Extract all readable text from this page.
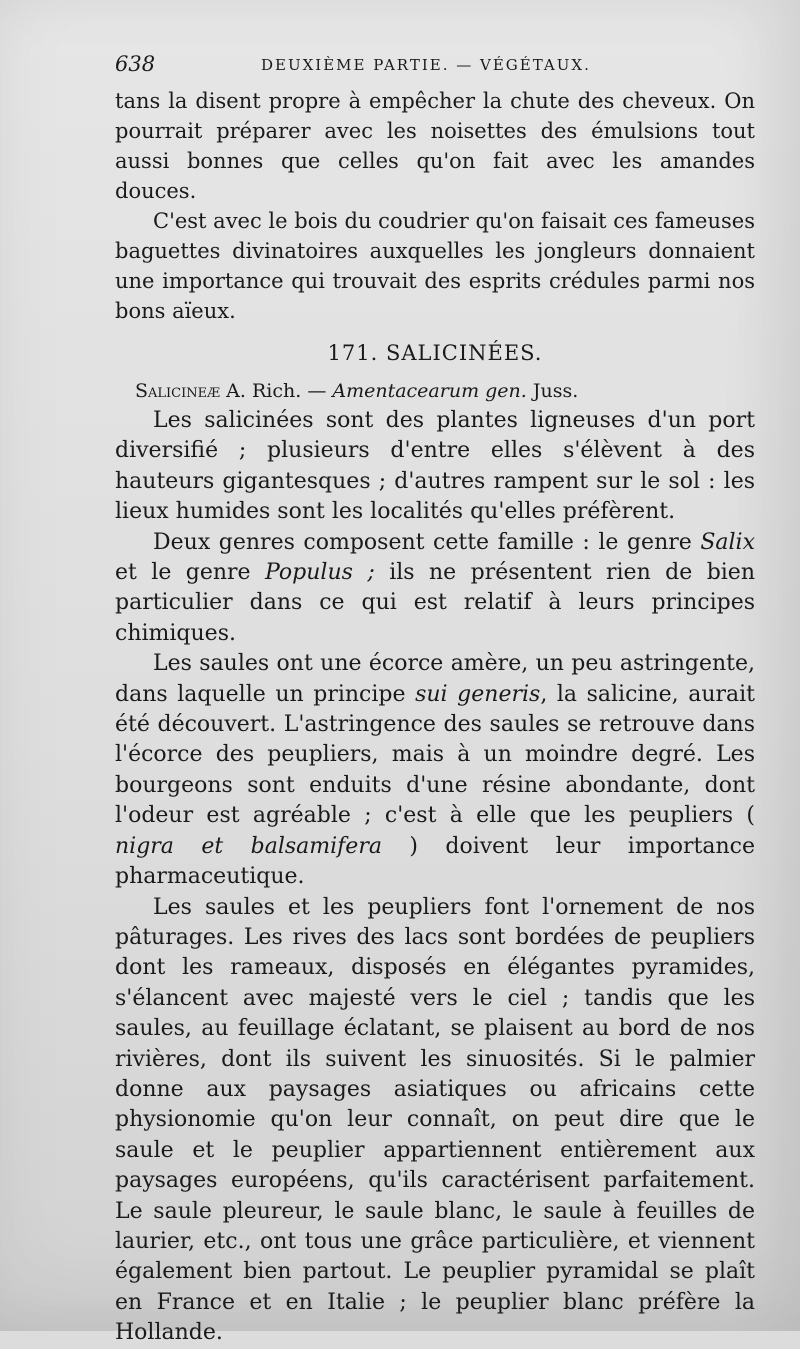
638	DEUXIÈME PARTIE. — VÉGÉTAUX.

tans la disent propre à empêcher la chute des cheveux. On pourrait préparer avec les noisettes des émulsions tout aussi bonnes que celles qu'on fait avec les amandes douces.

C'est avec le bois du coudrier qu'on faisait ces fameuses baguettes divinatoires auxquelles les jongleurs donnaient une importance qui trouvait des esprits crédules parmi nos bons aïeux.

171. SALICINÉES.

Salicineæ A. Rich. — Amentacearum gen. Juss.

Les salicinées sont des plantes ligneuses d'un port diversifié ; plusieurs d'entre elles s'élèvent à des hauteurs gigantesques ; d'autres rampent sur le sol : les lieux humides sont les localités qu'elles préfèrent.

Deux genres composent cette famille : le genre Salix et le genre Populus ; ils ne présentent rien de bien particulier dans ce qui est relatif à leurs principes chimiques.

Les saules ont une écorce amère, un peu astringente, dans laquelle un principe sui generis, la salicine, aurait été découvert. L'astringence des saules se retrouve dans l'écorce des peupliers, mais à un moindre degré. Les bourgeons sont enduits d'une résine abondante, dont l'odeur est agréable ; c'est à elle que les peupliers ( nigra et balsamifera ) doivent leur importance pharmaceutique.

Les saules et les peupliers font l'ornement de nos pâturages. Les rives des lacs sont bordées de peupliers dont les rameaux, disposés en élégantes pyramides, s'élancent avec majesté vers le ciel ; tandis que les saules, au feuillage éclatant, se plaisent au bord de nos rivières, dont ils suivent les sinuosités. Si le palmier donne aux paysages asiatiques ou africains cette physionomie qu'on leur connaît, on peut dire que le saule et le peuplier appartiennent entièrement aux paysages européens, qu'ils caractérisent parfaitement. Le saule pleureur, le saule blanc, le saule à feuilles de laurier, etc., ont tous une grâce particulière, et viennent également bien partout. Le peuplier pyramidal se plaît en France et en Italie ; le peuplier blanc préfère la Hollande.
